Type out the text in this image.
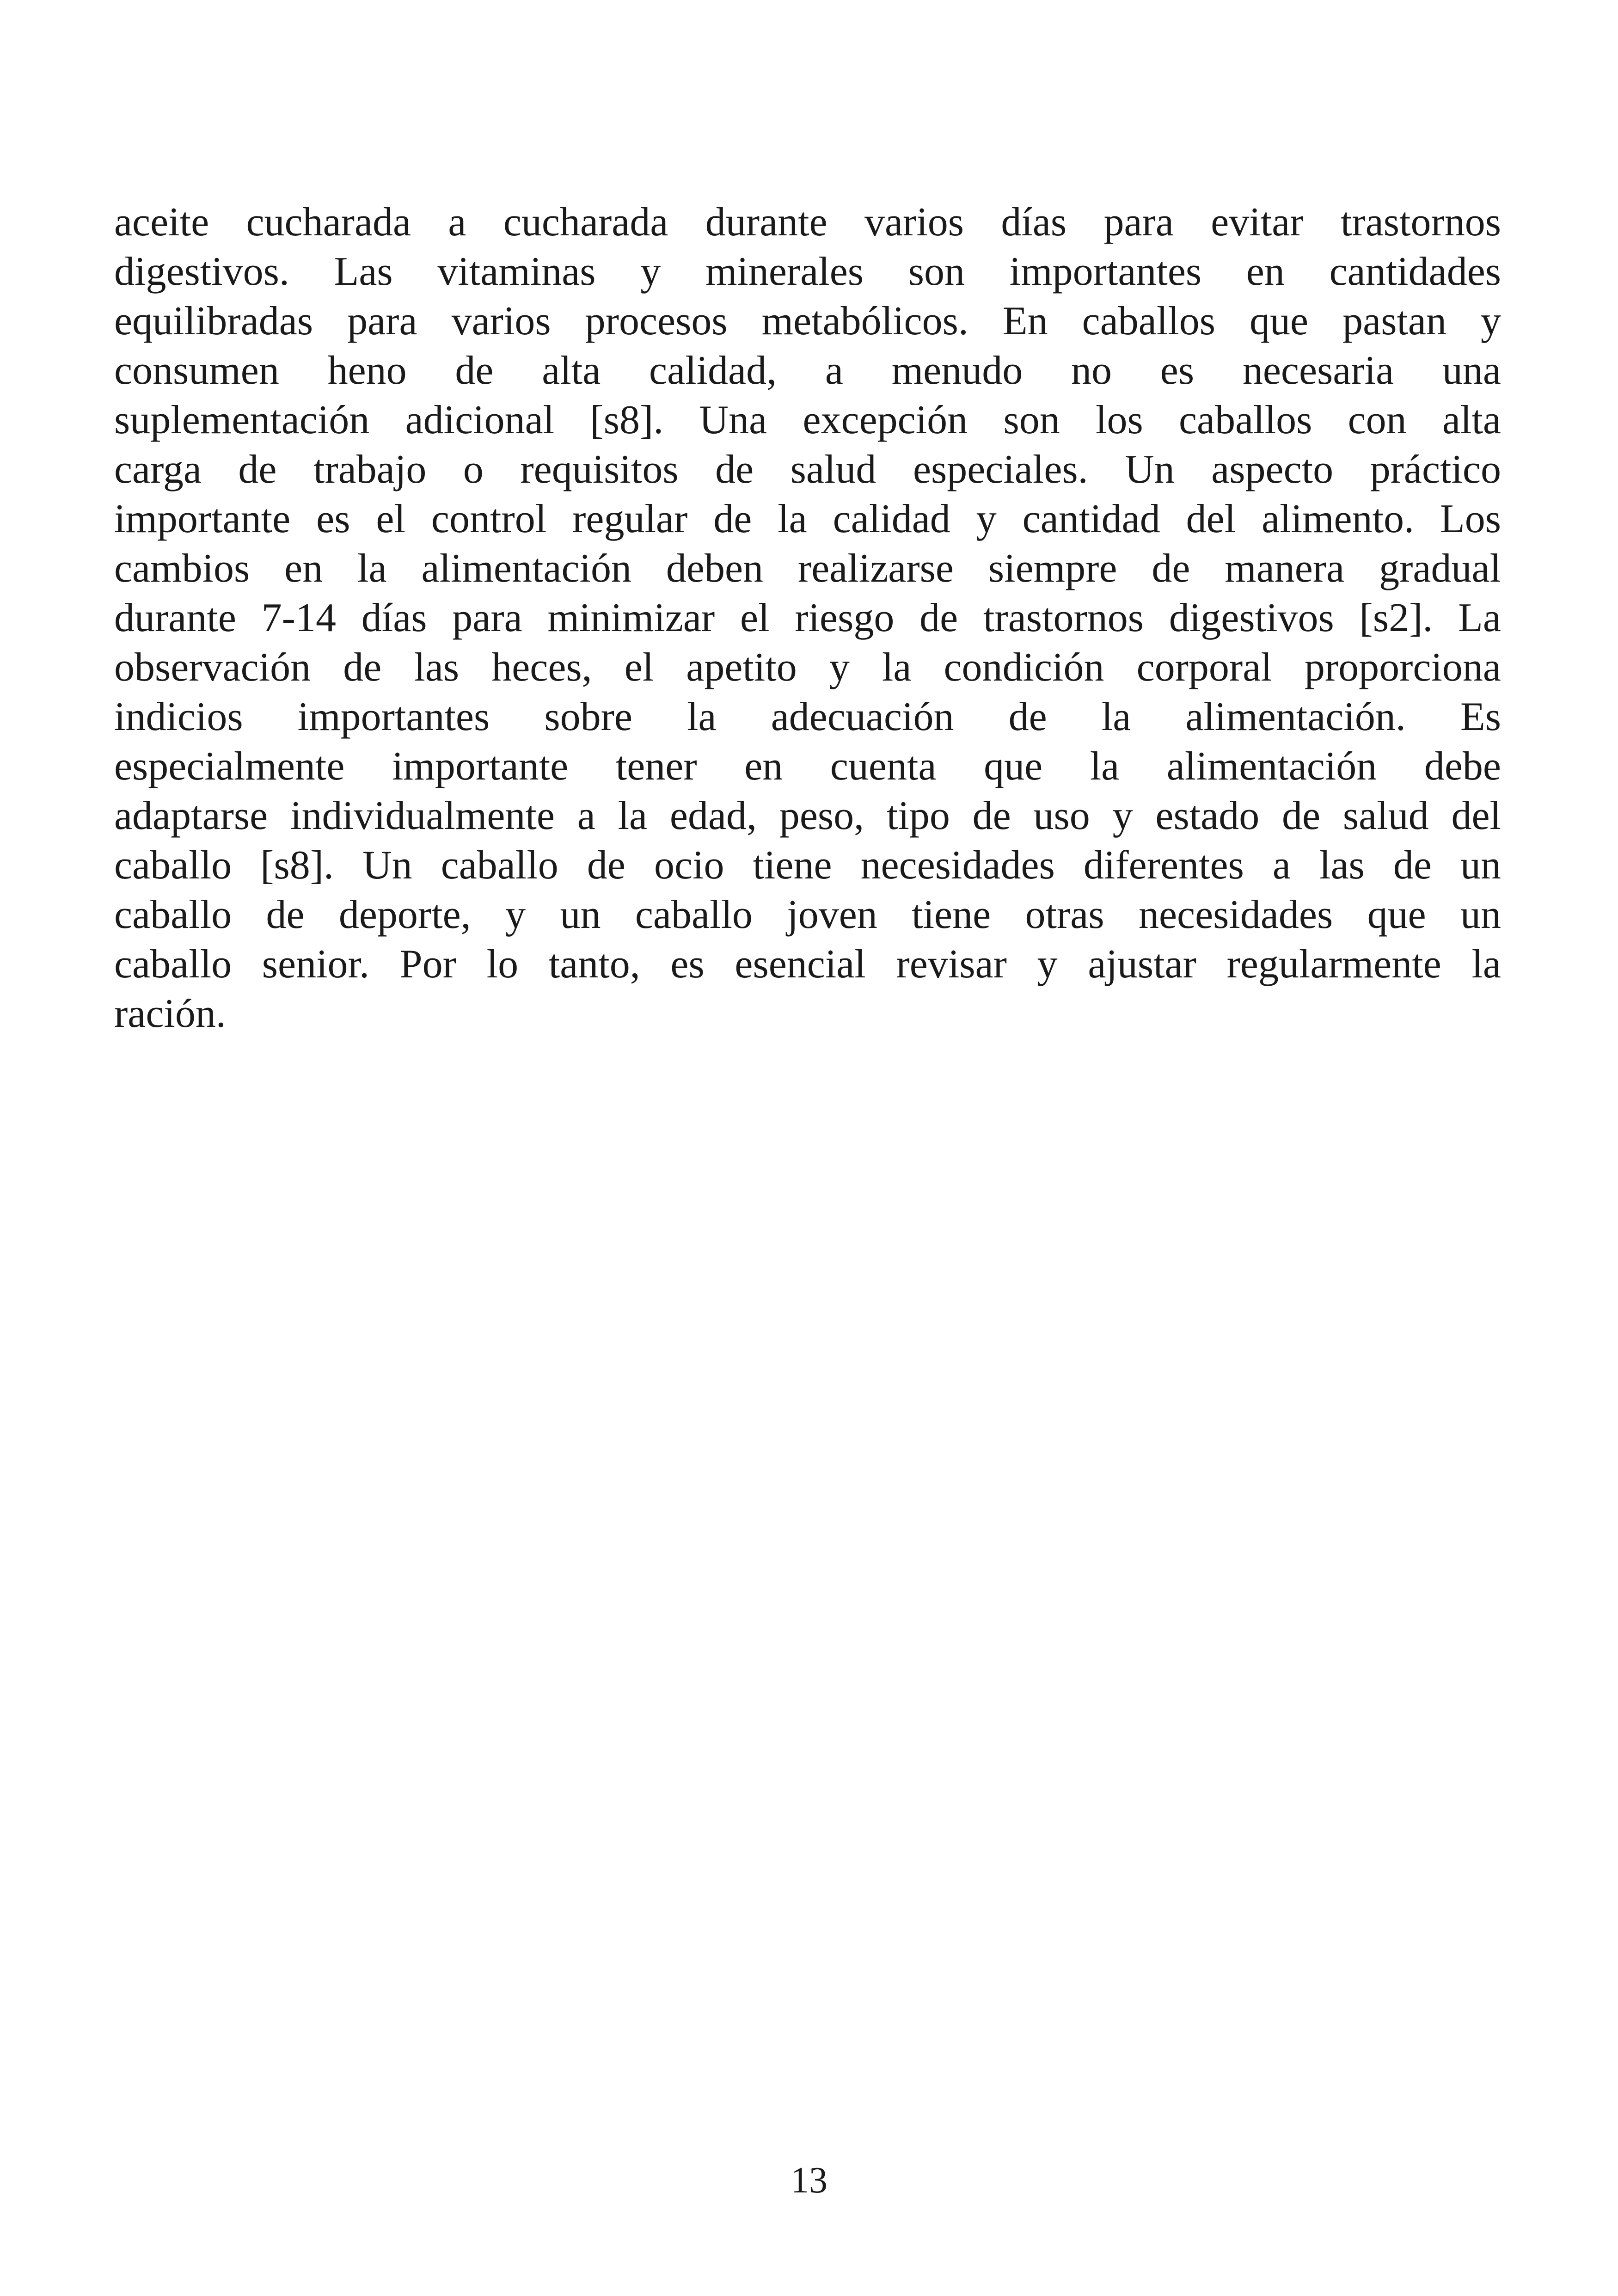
aceite cucharada a cucharada durante varios días para evitar trastornos
digestivos. Las vitaminas y minerales son importantes en cantidades
equilibradas para varios procesos metabólicos. En caballos que pastan y
consumen heno de alta calidad, a menudo no es necesaria una
suplementación adicional [s8]. Una excepción son los caballos con alta
carga de trabajo o requisitos de salud especiales. Un aspecto práctico
importante es el control regular de la calidad y cantidad del alimento. Los
cambios en la alimentación deben realizarse siempre de manera gradual
durante 7-14 días para minimizar el riesgo de trastornos digestivos [s2]. La
observación de las heces, el apetito y la condición corporal proporciona
indicios importantes sobre la adecuación de la alimentación. Es
especialmente importante tener en cuenta que la alimentación debe
adaptarse individualmente a la edad, peso, tipo de uso y estado de salud del
caballo [s8]. Un caballo de ocio tiene necesidades diferentes a las de un
caballo de deporte, y un caballo joven tiene otras necesidades que un
caballo senior. Por lo tanto, es esencial revisar y ajustar regularmente la
ración.
13
